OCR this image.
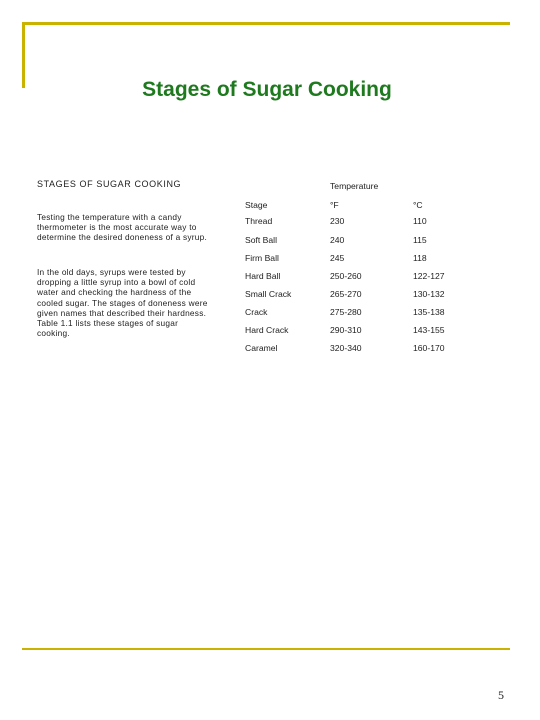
Stages of Sugar Cooking
STAGES OF SUGAR COOKING
Testing the temperature with a candy thermometer is the most accurate way to determine the desired doneness of a syrup.
In the old days, syrups were tested by dropping a little syrup into a bowl of cold water and checking the hardness of the cooled sugar. The stages of doneness were given names that described their hardness.
Table 1.1 lists these stages of sugar cooking.
Temperature
Stage	°F	°C
Thread	230	110
Soft Ball	240	115
Firm Ball	245	118
Hard Ball	250-260	122-127
Small Crack	265-270	130-132
Crack	275-280	135-138
Hard Crack	290-310	143-155
Caramel	320-340	160-170
5
